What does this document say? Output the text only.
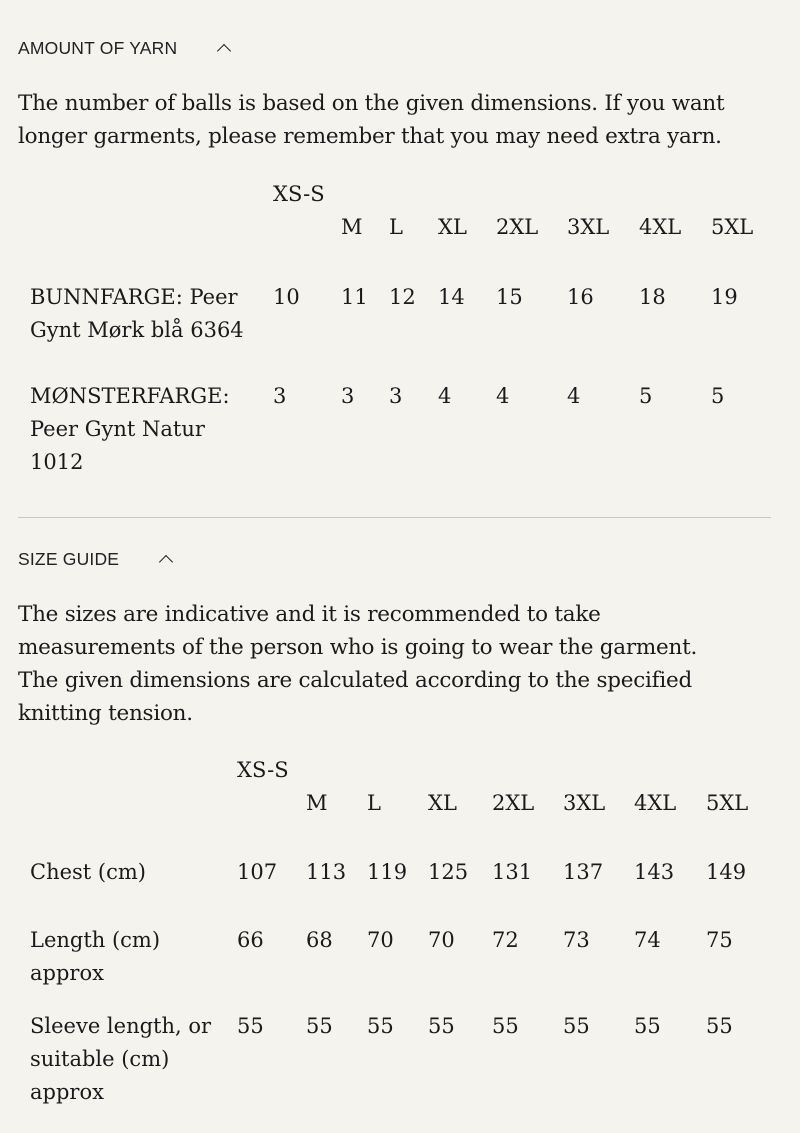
AMOUNT OF YARN

The number of balls is based on the given dimensions. If you want longer garments, please remember that you may need extra yarn.

	XS-S	M	L	XL	2XL	3XL	4XL	5XL
BUNNFARGE: Peer Gynt Mørk blå 6364	10	11	12	14	15	16	18	19
MØNSTERFARGE: Peer Gynt Natur 1012	3	3	3	4	4	4	5	5
SIZE GUIDE

The sizes are indicative and it is recommended to take measurements of the person who is going to wear the garment. The given dimensions are calculated according to the specified knitting tension.

	XS-S	M	L	XL	2XL	3XL	4XL	5XL
Chest (cm)	107	113	119	125	131	137	143	149
Length (cm) approx	66	68	70	70	72	73	74	75
Sleeve length, or suitable (cm) approx	55	55	55	55	55	55	55	55
